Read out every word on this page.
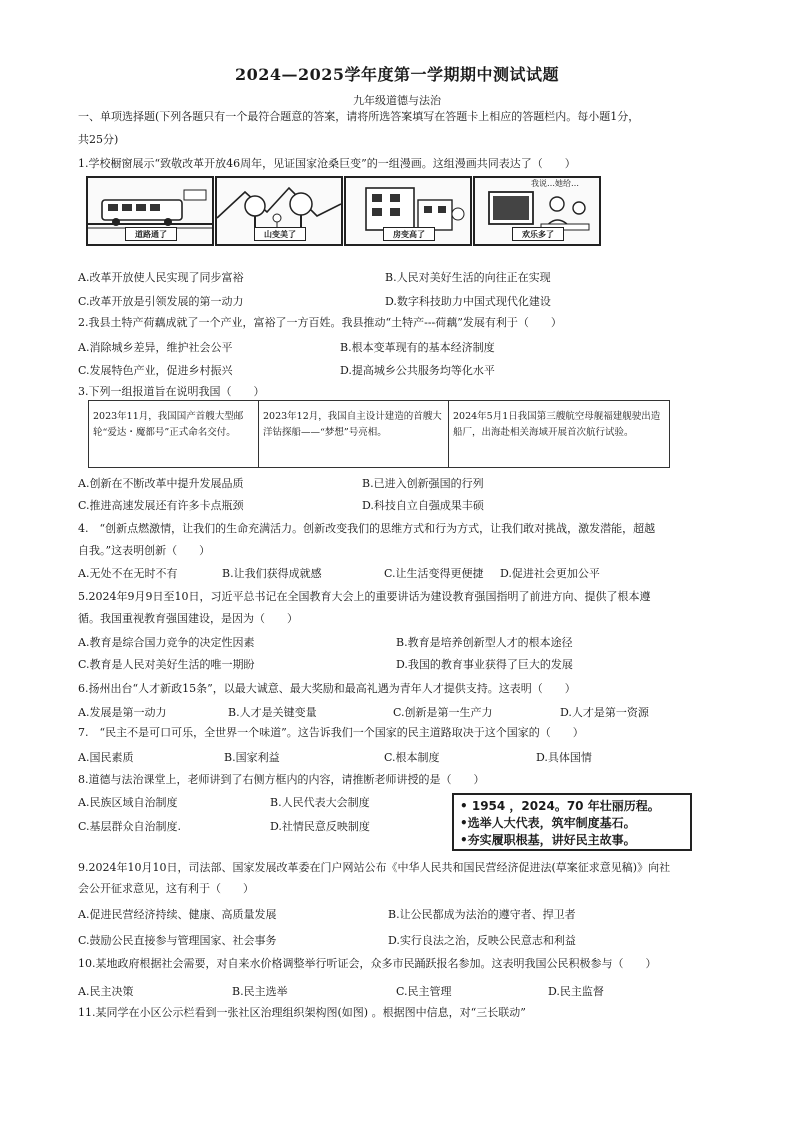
2024—2025学年度第一学期期中测试试题
九年级道德与法治
一、单项选择题(下列各题只有一个最符合题意的答案，请将所选答案填写在答题卡上相应的答题栏内。每小题1分，
共25分)
1.学校橱窗展示“致敬改革开放46周年，见证国家沧桑巨变”的一组漫画。这组漫画共同表达了（　　）
道路通了	山变美了	房变高了
我说…她给…
欢乐多了
A.改革开放使人民实现了同步富裕	B.人民对美好生活的向往正在实现
C.改革开放是引领发展的第一动力	D.数字科技助力中国式现代化建设
2.我县土特产荷藕成就了一个产业，富裕了一方百姓。我县推动“土特产---荷藕”发展有利于（　　）
A.消除城乡差异，维护社会公平	B.根本变革现有的基本经济制度
C.发展特色产业，促进乡村振兴	D.提高城乡公共服务均等化水平
3.下列一组报道旨在说明我国（　　）
2023年11月，我国国产首艘大型邮轮“爱达・魔都号”正式命名交付。
2023年12月，我国自主设计建造的首艘大洋钻探船——“梦想”号亮相。
2024年5月1日我国第三艘航空母舰福建舰驶出造船厂，出海赴相关海域开展首次航行试验。
A.创新在不断改革中提升发展品质	B.已进入创新强国的行列
C.推进高速发展还有许多卡点瓶颈	D.科技自立自强成果丰硕
4.　“创新点燃激情，让我们的生命充满活力。创新改变我们的思维方式和行为方式，让我们敢对挑战，激发潜能，超越
自我。”这表明创新（　　）
A.无处不在无时不有	B.让我们获得成就感	C.让生活变得更便捷 D.促进社会更加公平
5.2024年9月9日至10日，习近平总书记在全国教育大会上的重要讲话为建设教育强国指明了前进方向、提供了根本遵
循。我国重视教育强国建设，是因为（　　）
A.教育是综合国力竞争的决定性因素	B.教育是培养创新型人才的根本途径
C.教育是人民对美好生活的唯一期盼	D.我国的教育事业获得了巨大的发展
6.扬州出台“人才新政15条”，以最大诚意、最大奖励和最高礼遇为青年人才提供支持。这表明（　　）
A.发展是第一动力	B.人才是关键变量	C.创新是第一生产力	D.人才是第一资源
7.　“民主不是可口可乐，全世界一个味道”。这告诉我们一个国家的民主道路取决于这个国家的（　　）
A.国民素质	B.国家利益	C.根本制度	D.具体国情
8.道德与法治课堂上，老师讲到了右侧方框内的内容，请推断老师讲授的是（　　）
A.民族区域自治制度	B.人民代表大会制度
C.基层群众自治制度.	D.社情民意反映制度
• 1954 ，2024。70 年壮丽历程。
•选举人大代表，筑牢制度基石。
•夯实履职根基，讲好民主故事。
9.2024年10月10日，司法部、国家发展改革委在门户网站公布《中华人民共和国民营经济促进法(草案征求意见稿)》向社
会公开征求意见，这有利于（　　）
A.促进民营经济持续、健康、高质量发展	B.让公民都成为法治的遵守者、捍卫者
C.鼓励公民直接参与管理国家、社会事务	D.实行良法之治，反映公民意志和利益
10.某地政府根据社会需要，对自来水价格调整举行听证会，众多市民踊跃报名参加。这表明我国公民积极参与（　　）
A.民主决策	B.民主选举	C.民主管理	D.民主监督
11.某同学在小区公示栏看到一张社区治理组织架构图(如图) 。根据图中信息，对“三长联动”
